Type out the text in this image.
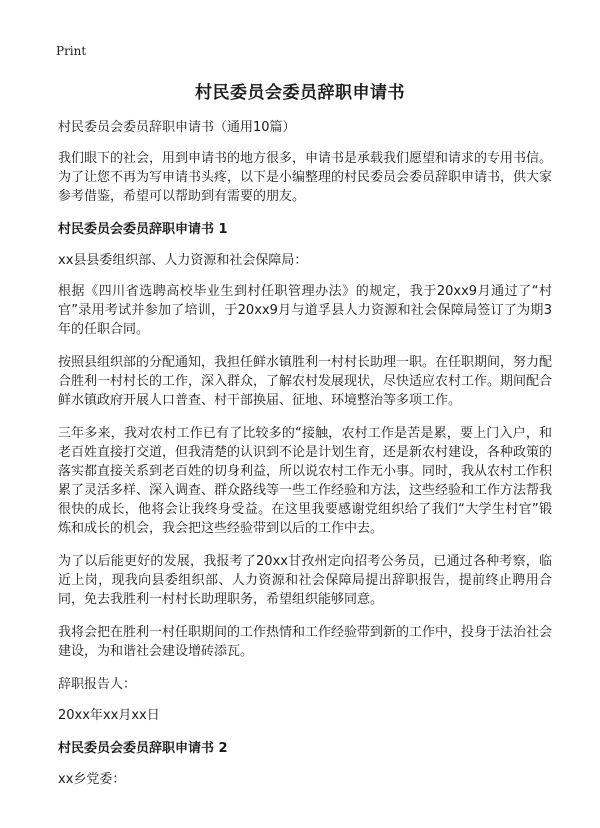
Print
村民委员会委员辞职申请书

村民委员会委员辞职申请书（通用10篇）

我们眼下的社会，用到申请书的地方很多，申请书是承载我们愿望和请求的专用书信。为了让您不再为写申请书头疼，以下是小编整理的村民委员会委员辞职申请书，供大家参考借鉴，希望可以帮助到有需要的朋友。

村民委员会委员辞职申请书 1

xx县县委组织部、人力资源和社会保障局：

根据《四川省选聘高校毕业生到村任职管理办法》的规定，我于20xx9月通过了“村官”录用考试并参加了培训，于20xx9月与道孚县人力资源和社会保障局签订了为期3年的任职合同。

按照县组织部的分配通知，我担任鲜水镇胜利一村村长助理一职。在任职期间，努力配合胜利一村村长的工作，深入群众，了解农村发展现状，尽快适应农村工作。期间配合鲜水镇政府开展人口普查、村干部换届、征地、环境整治等多项工作。

三年多来，我对农村工作已有了比较多的“接触，农村工作是苦是累，要上门入户，和老百姓直接打交道，但我清楚的认识到不论是计划生育，还是新农村建设，各种政策的落实都直接关系到老百姓的切身利益，所以说农村工作无小事。同时，我从农村工作积累了灵活多样、深入调查、群众路线等一些工作经验和方法，这些经验和工作方法帮我很快的成长，他将会让我终身受益。在这里我要感谢党组织给了我们“大学生村官”锻炼和成长的机会，我会把这些经验带到以后的工作中去。

为了以后能更好的发展，我报考了20xx甘孜州定向招考公务员，已通过各种考察，临近上岗，现我向县委组织部、人力资源和社会保障局提出辞职报告，提前终止聘用合同，免去我胜利一村村长助理职务，希望组织能够同意。

我将会把在胜利一村任职期间的工作热情和工作经验带到新的工作中，投身于法治社会建设，为和谐社会建设增砖添瓦。

辞职报告人：

20xx年xx月xx日

村民委员会委员辞职申请书 2

xx乡党委：
